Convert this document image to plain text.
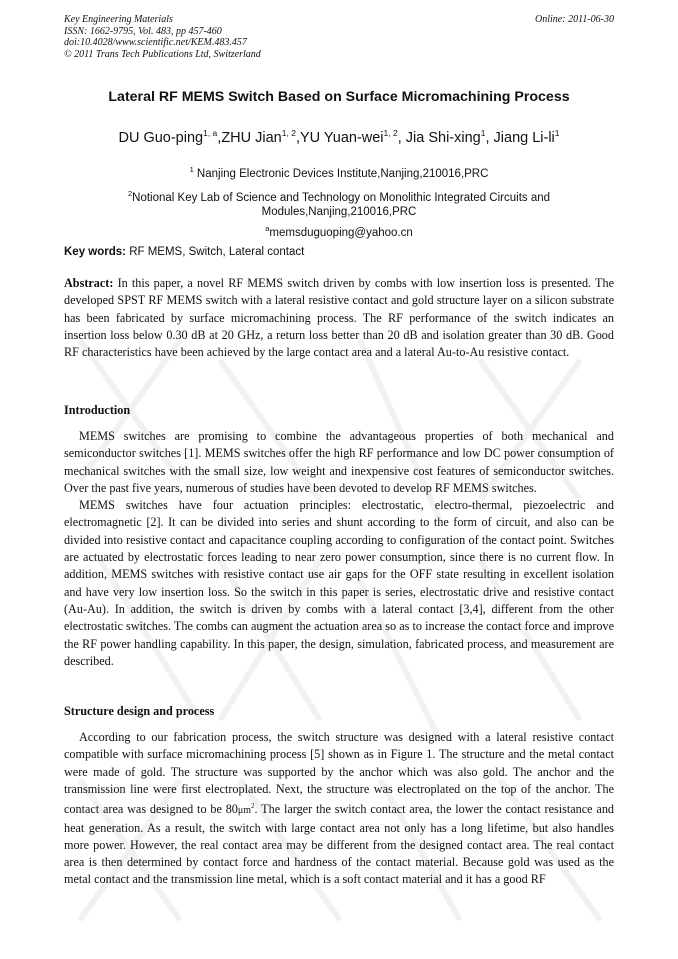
Key Engineering Materials
ISSN: 1662-9795, Vol. 483, pp 457-460
doi:10.4028/www.scientific.net/KEM.483.457
© 2011 Trans Tech Publications Ltd, Switzerland
Online: 2011-06-30
Lateral RF MEMS Switch Based on Surface Micromachining Process
DU Guo-ping$^{1, a}$,ZHU Jian$^{1, 2}$,YU Yuan-wei$^{1, 2}$, Jia Shi-xing$^1$, Jiang $Li-li^1$
$^1$ Nanjing Electronic Devices Institute,Nanjing,210016,PRC
$^2$Notional Key Lab of Science and Technology on Monolithic Integrated Circuits and
Modules,Nanjing,210016,PRC
$^a$memsduguoping@yahoo.cn
Key words: RF MEMS, Switch, Lateral contact

Abstract: In this paper, a novel RF MEMS switch driven by combs with low insertion loss is presented. The developed SPST RF MEMS switch with a lateral resistive contact and gold structure layer on a silicon substrate has been fabricated by surface micromachining process. The RF performance of the switch indicates an insertion loss below 0.30 dB at 20 GHz, a return loss better than 20 dB and isolation greater than 30 dB. Good RF characteristics have been achieved by the large contact area and a lateral Au-to-Au resistive contact.

Introduction

MEMS switches are promising to combine the advantageous properties of both mechanical and semiconductor switches [1]. MEMS switches offer the high RF performance and low DC power consumption of mechanical switches with the small size, low weight and inexpensive cost features of semiconductor switches. Over the past five years, numerous of studies have been devoted to develop RF MEMS switches.

MEMS switches have four actuation principles: electrostatic, electro-thermal, piezoelectric and electromagnetic [2]. It can be divided into series and shunt according to the form of circuit, and also can be divided into resistive contact and capacitance coupling according to configuration of the contact point. Switches are actuated by electrostatic forces leading to near zero power consumption, since there is no current flow. In addition, MEMS switches with resistive contact use air gaps for the OFF state resulting in excellent isolation and have very low insertion loss. So the switch in this paper is series, electrostatic drive and resistive contact (Au-Au). In addition, the switch is driven by combs with a lateral contact [3,4], different from the other electrostatic switches. The combs can augment the actuation area so as to increase the contact force and improve the RF power handling capability. In this paper, the design, simulation, fabricated process, and measurement are described.

Structure design and process

According to our fabrication process, the switch structure was designed with a lateral resistive contact compatible with surface micromachining process [5] shown as in Figure 1. The structure and the metal contact were made of gold. The structure was supported by the anchor which was also gold. The anchor and the transmission line were first electroplated. Next, the structure was electroplated on the top of the anchor. The contact area was designed to be $80\mu m^2$. The larger the switch contact area, the lower the contact resistance and heat generation. As a result, the switch with large contact area not only has a long lifetime, but also handles more power. However, the real contact area may be different from the designed contact area. The real contact area is then determined by contact force and hardness of the contact material. Because gold was used as the metal contact and the transmission line metal, which is a soft contact material and it has a good RF
